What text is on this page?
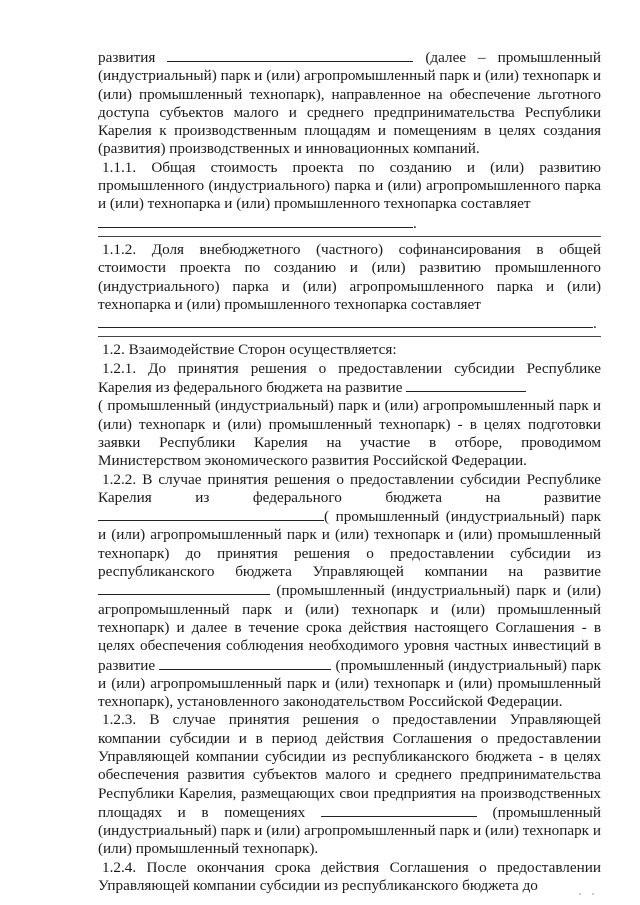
развития	(далее – промышленный

(индустриальный) парк и (или) агропромышленный парк и (или) технопарк и (или) промышленный технопарк), направленное на обеспечение льготного доступа субъектов малого и среднего предпринимательства Республики Карелия к производственным площадям и помещениям в целях создания (развития) производственных и инновационных компаний.

1.1.1. Общая стоимость проекта по созданию и (или) развитию промышленного (индустриального) парка и (или) агропромышленного парка и (или) технопарка и (или) промышленного технопарка составляет
.

1.1.2. Доля внебюджетного (частного) софинансирования в общей стоимости проекта по созданию и (или) развитию промышленного (индустриального) парка и (или) агропромышленного парка и (или) технопарка и (или) промышленного технопарка составляет
.

1.2. Взаимодействие Сторон осуществляется:

1.2.1. До принятия решения о предоставлении субсидии Республике Карелия из федерального бюджета на развитие
( промышленный (индустриальный) парк и (или) агропромышленный парк и (или) технопарк и (или) промышленный технопарк) - в целях подготовки заявки Республики Карелия на участие в отборе, проводимом Министерством экономического развития Российской Федерации.

1.2.2. В случае принятия решения о предоставлении субсидии Республике Карелия из федерального бюджета на развитие ( промышленный (индустриальный) парк и (или) агропромышленный парк и (или) технопарк и (или) промышленный технопарк) до принятия решения о предоставлении субсидии из республиканского бюджета Управляющей компании на развитие  (промышленный (индустриальный) парк и (или) агропромышленный парк и (или) технопарк и (или) промышленный технопарк) и далее в течение срока действия настоящего Соглашения - в целях обеспечения соблюдения необходимого уровня частных инвестиций в развитие	(промышленный (индустриальный) парк и (или) агропромышленный парк и (или) технопарк и (или) промышленный технопарк), установленного законодательством Российской Федерации.

1.2.3. В случае принятия решения о предоставлении Управляющей компании субсидии и в период действия Соглашения о предоставлении Управляющей компании субсидии из республиканского бюджета - в целях обеспечения развития субъектов малого и среднего предпринимательства Республики Карелия, размещающих свои предприятия на производственных площадях и в помещениях	(промышленный (индустриальный) парк и (или) агропромышленный парк и (или) технопарк и (или) промышленный технопарк).

1.2.4. После окончания срока действия Соглашения о предоставлении Управляющей компании субсидии из республиканского бюджета до
